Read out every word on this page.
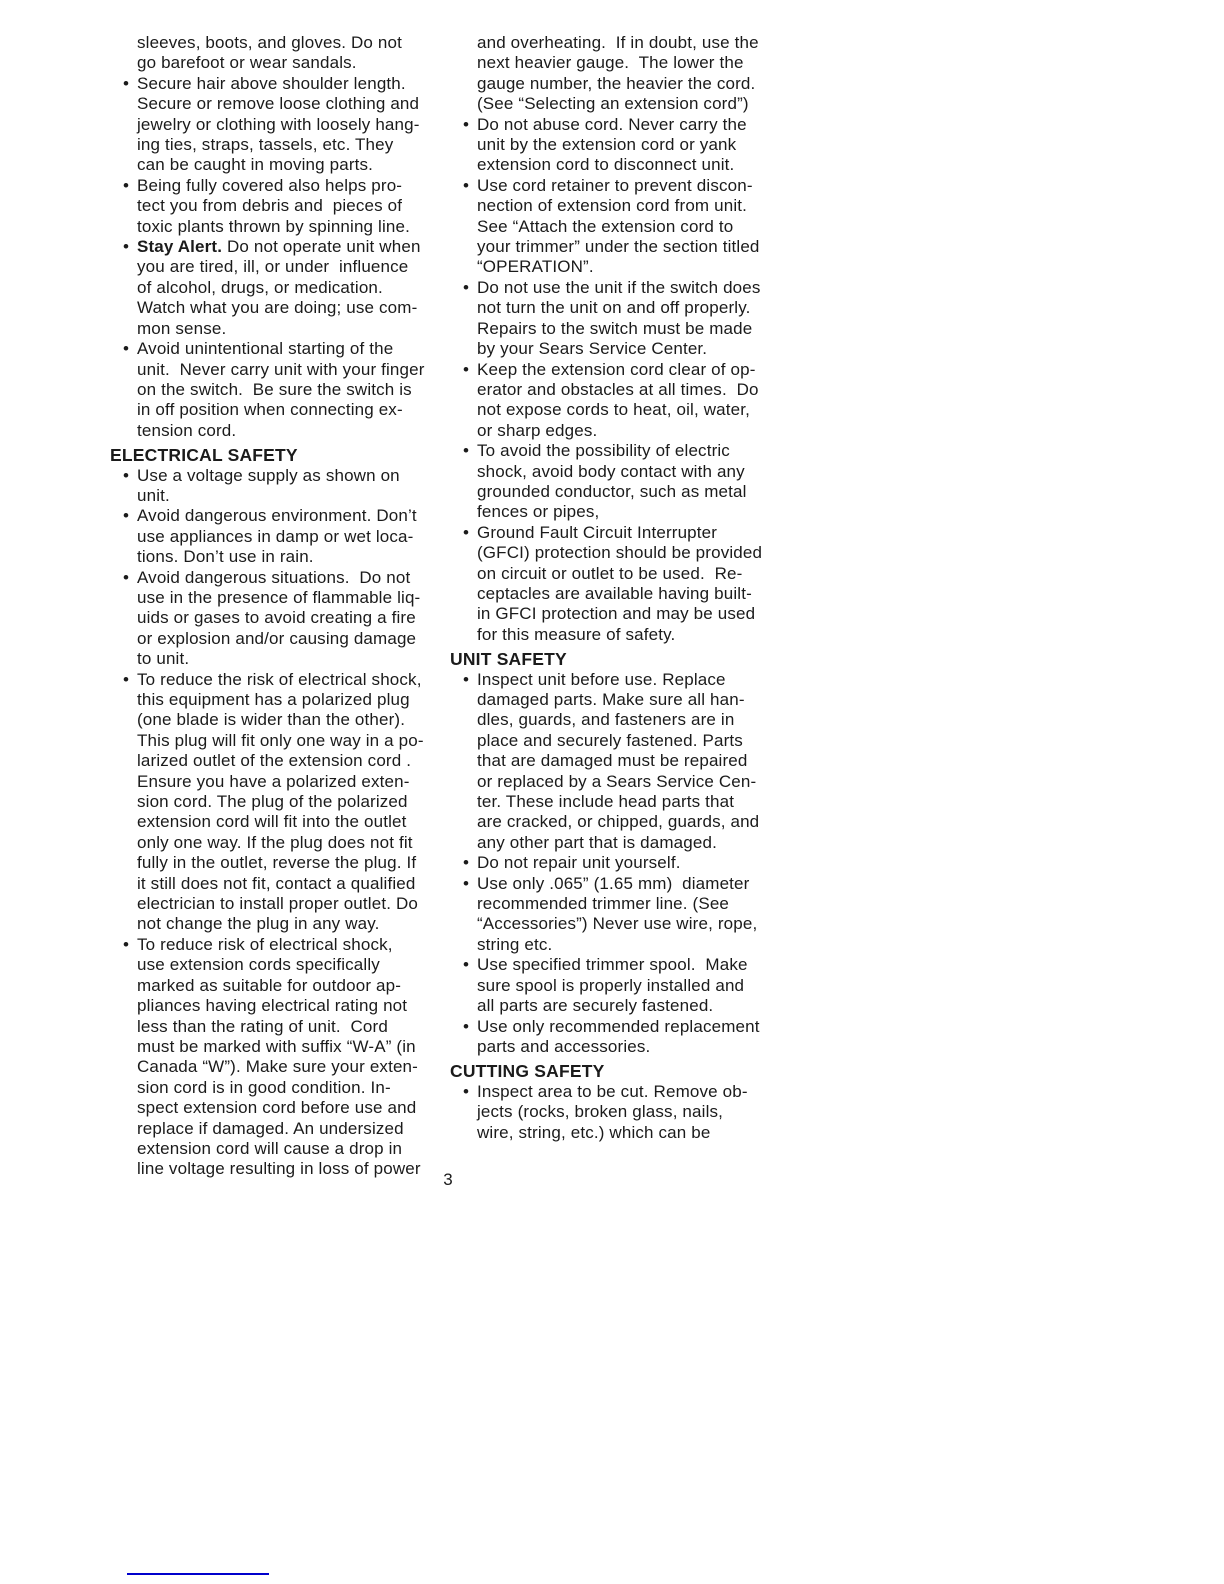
sleeves, boots, and gloves. Do not
go barefoot or wear sandals.
• Secure hair above shoulder length.
Secure or remove loose clothing and
jewelry or clothing with loosely hang-
ing ties, straps, tassels, etc. They
can be caught in moving parts.
• Being fully covered also helps pro-
tect you from debris and  pieces of
toxic plants thrown by spinning line.
• Stay Alert. Do not operate unit when
you are tired, ill, or under  influence
of alcohol, drugs, or medication.
Watch what you are doing; use com-
mon sense.
• Avoid unintentional starting of the
unit.  Never carry unit with your finger
on the switch.  Be sure the switch is
in off position when connecting ex-
tension cord.
ELECTRICAL SAFETY
• Use a voltage supply as shown on
unit.
• Avoid dangerous environment. Don’t
use appliances in damp or wet loca-
tions. Don’t use in rain.
• Avoid dangerous situations.  Do not
use in the presence of flammable liq-
uids or gases to avoid creating a fire
or explosion and/or causing damage
to unit.
• To reduce the risk of electrical shock,
this equipment has a polarized plug
(one blade is wider than the other).
This plug will fit only one way in a po-
larized outlet of the extension cord .
Ensure you have a polarized exten-
sion cord. The plug of the polarized
extension cord will fit into the outlet
only one way. If the plug does not fit
fully in the outlet, reverse the plug. If
it still does not fit, contact a qualified
electrician to install proper outlet. Do
not change the plug in any way.
• To reduce risk of electrical shock,
use extension cords specifically
marked as suitable for outdoor ap-
pliances having electrical rating not
less than the rating of unit.  Cord
must be marked with suffix “W-A” (in
Canada “W”). Make sure your exten-
sion cord is in good condition. In-
spect extension cord before use and
replace if damaged. An undersized
extension cord will cause a drop in
line voltage resulting in loss of power
and overheating.  If in doubt, use the
next heavier gauge.  The lower the
gauge number, the heavier the cord.
(See “Selecting an extension cord”)
• Do not abuse cord. Never carry the
unit by the extension cord or yank
extension cord to disconnect unit.
• Use cord retainer to prevent discon-
nection of extension cord from unit.
See “Attach the extension cord to
your trimmer” under the section titled
“OPERATION”.
• Do not use the unit if the switch does
not turn the unit on and off properly.
Repairs to the switch must be made
by your Sears Service Center.
• Keep the extension cord clear of op-
erator and obstacles at all times.  Do
not expose cords to heat, oil, water,
or sharp edges.
• To avoid the possibility of electric
shock, avoid body contact with any
grounded conductor, such as metal
fences or pipes,
• Ground Fault Circuit Interrupter
(GFCI) protection should be provided
on circuit or outlet to be used.  Re-
ceptacles are available having built-
in GFCI protection and may be used
for this measure of safety.
UNIT SAFETY
• Inspect unit before use. Replace
damaged parts. Make sure all han-
dles, guards, and fasteners are in
place and securely fastened. Parts
that are damaged must be repaired
or replaced by a Sears Service Cen-
ter. These include head parts that
are cracked, or chipped, guards, and
any other part that is damaged.
• Do not repair unit yourself.
• Use only .065” (1.65 mm)  diameter
recommended trimmer line. (See
“Accessories”) Never use wire, rope,
string etc.
• Use specified trimmer spool.  Make
sure spool is properly installed and
all parts are securely fastened.
• Use only recommended replacement
parts and accessories.
CUTTING SAFETY
• Inspect area to be cut. Remove ob-
jects (rocks, broken glass, nails,
wire, string, etc.) which can be
3
